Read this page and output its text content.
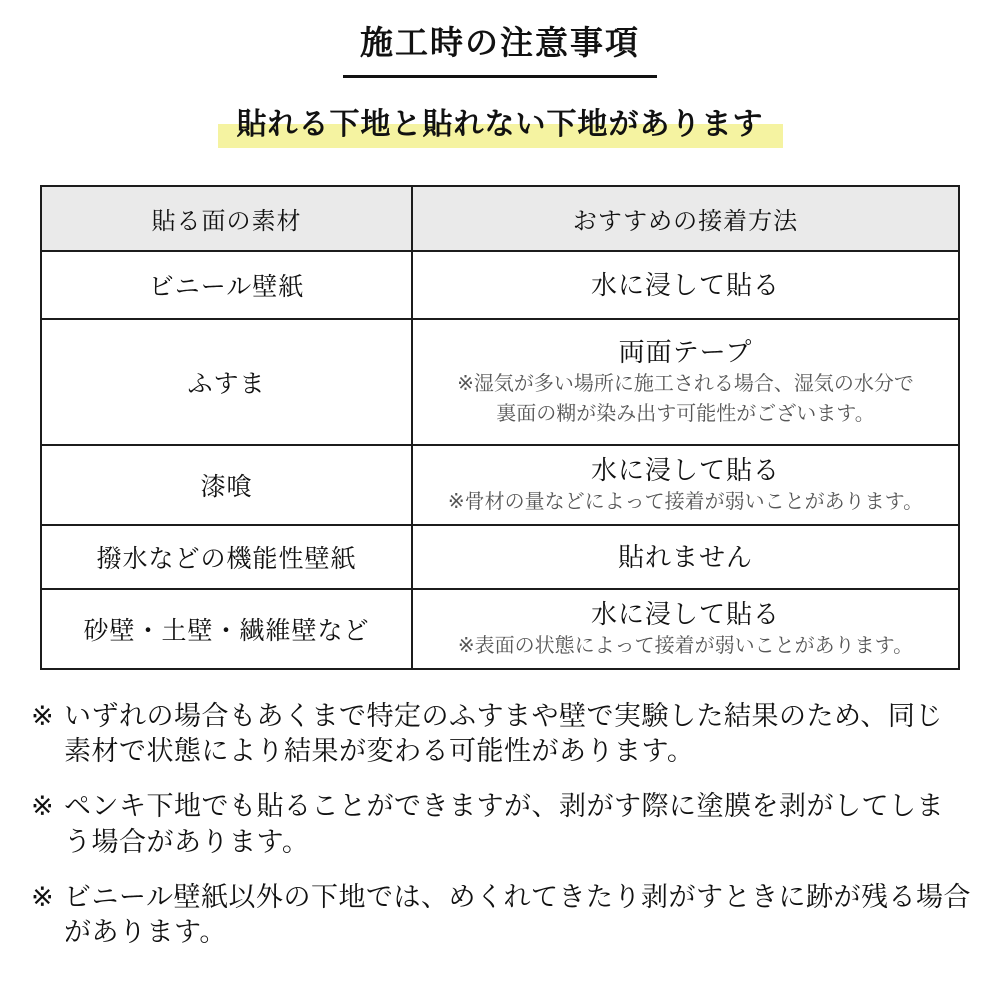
施工時の注意事項
貼れる下地と貼れない下地があります
貼る面の素材	おすすめの接着方法
ビニール壁紙	水に浸して貼る

ふすま	両面テープ
※湿気が多い場所に施工される場合、湿気の水分で
裏面の糊が染み出す可能性がございます。

漆喰	水に浸して貼る
※骨材の量などによって接着が弱いことがあります。

撥水などの機能性壁紙	貼れません

砂壁・土壁・繊維壁など	水に浸して貼る
※表面の状態によって接着が弱いことがあります。
※ いずれの場合もあくまで特定のふすまや壁で実験した結果のため、同じ
素材で状態により結果が変わる可能性があります。
※ ペンキ下地でも貼ることができますが、剥がす際に塗膜を剥がしてしま
う場合があります。
※ ビニール壁紙以外の下地では、めくれてきたり剥がすときに跡が残る場合
があります。
